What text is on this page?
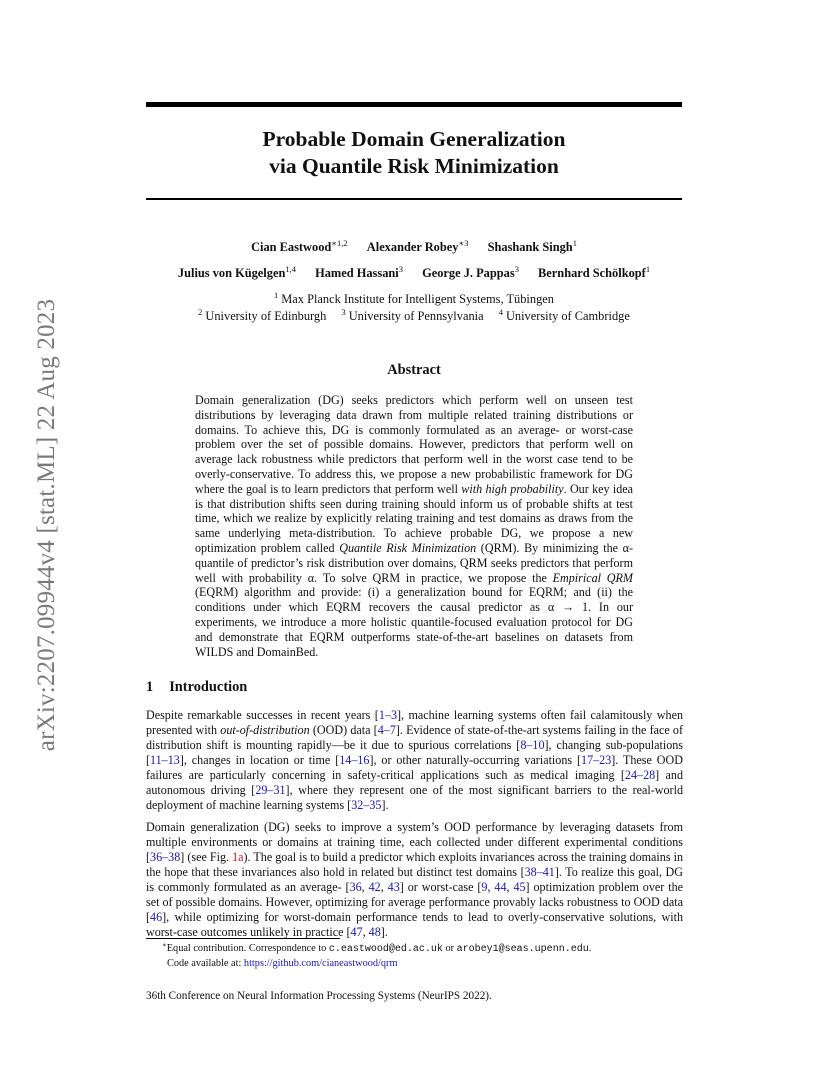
arXiv:2207.09944v4 [stat.ML] 22 Aug 2023
Probable Domain Generalization
via Quantile Risk Minimization
Cian Eastwood$^{∗1,2}$ Alexander Robey$^{∗3}$ Shashank Singh$^1$
Julius von Kügelgen$^{1,4}$ Hamed Hassani$^3$ George J. Pappas$^3$ Bernhard Schölkopf$^1$
$^1$ Max Planck Institute for Intelligent Systems, Tübingen
$^2$ University of Edinburgh $^3$ University of Pennsylvania $^4$ University of Cambridge
Abstract
Domain generalization (DG) seeks predictors which perform well on unseen test distributions by leveraging data drawn from multiple related training distributions or domains. To achieve this, DG is commonly formulated as an average- or worst-case problem over the set of possible domains. However, predictors that perform well on average lack robustness while predictors that perform well in the worst case tend to be overly-conservative. To address this, we propose a new probabilistic framework for DG where the goal is to learn predictors that perform well with high probability. Our key idea is that distribution shifts seen during training should inform us of probable shifts at test time, which we realize by explicitly relating training and test domains as draws from the same underlying meta-distribution. To achieve probable DG, we propose a new optimization problem called Quantile Risk Minimization (QRM). By minimizing the α-quantile of predictor’s risk distribution over domains, QRM seeks predictors that perform well with probability α. To solve QRM in practice, we propose the Empirical QRM (EQRM) algorithm and provide: (i) a generalization bound for EQRM; and (ii) the conditions under which EQRM recovers the causal predictor as α → 1. In our experiments, we introduce a more holistic quantile-focused evaluation protocol for DG and demonstrate that EQRM outperforms state-of-the-art baselines on datasets from WILDS and DomainBed.
1 Introduction

Despite remarkable successes in recent years [1–3], machine learning systems often fail calamitously when presented with out-of-distribution (OOD) data [4–7]. Evidence of state-of-the-art systems failing in the face of distribution shift is mounting rapidly—be it due to spurious correlations [8–10], changing sub-populations [11–13], changes in location or time [14–16], or other naturally-occurring variations [17–23]. These OOD failures are particularly concerning in safety-critical applications such as medical imaging [24–28] and autonomous driving [29–31], where they represent one of the most significant barriers to the real-world deployment of machine learning systems [32–35].

Domain generalization (DG) seeks to improve a system’s OOD performance by leveraging datasets from multiple environments or domains at training time, each collected under different experimental conditions [36–38] (see Fig. 1a). The goal is to build a predictor which exploits invariances across the training domains in the hope that these invariances also hold in related but distinct test domains [38–41]. To realize this goal, DG is commonly formulated as an average- [36, 42, 43] or worst-case [9, 44, 45] optimization problem over the set of possible domains. However, optimizing for average performance provably lacks robustness to OOD data [46], while optimizing for worst-domain performance tends to lead to overly-conservative solutions, with worst-case outcomes unlikely in practice [47, 48].

∗Equal contribution. Correspondence to c.eastwood@ed.ac.uk or arobey1@seas.upenn.edu.
Code available at: https://github.com/cianeastwood/qrm
36th Conference on Neural Information Processing Systems (NeurIPS 2022).
